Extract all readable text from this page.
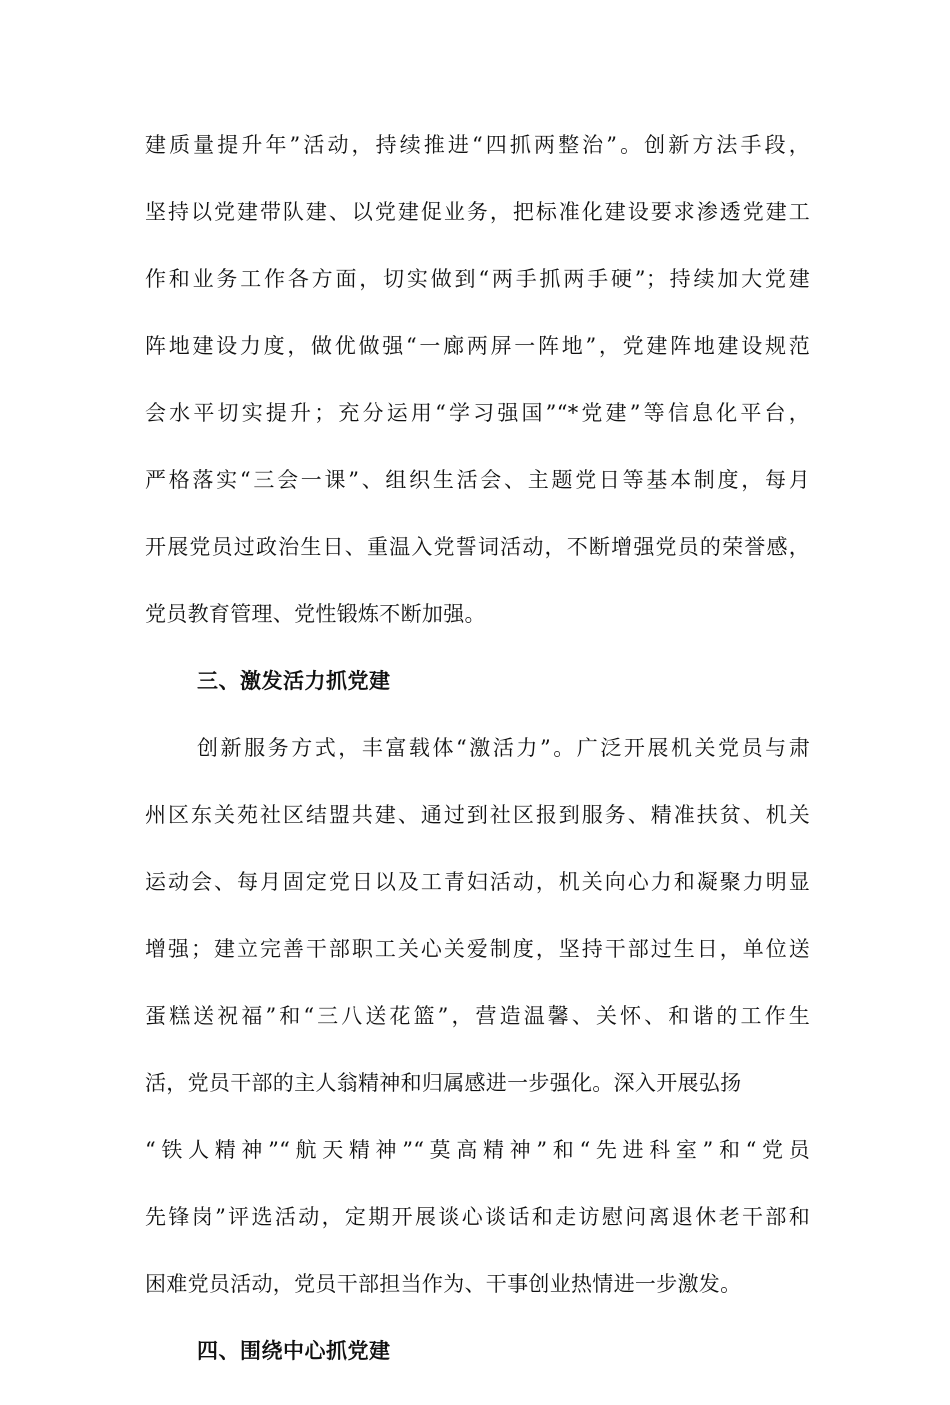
建质量提升年”活动，持续推进“四抓两整治”。创新方法手段，
坚持以党建带队建、以党建促业务，把标准化建设要求渗透党建工
作和业务工作各方面，切实做到“两手抓两手硬”；持续加大党建
阵地建设力度，做优做强“一廊两屏一阵地”，党建阵地建设规范
会水平切实提升；充分运用“学习强国”“*党建”等信息化平台，
严格落实“三会一课”、组织生活会、主题党日等基本制度，每月
开展党员过政治生日、重温入党誓词活动，不断增强党员的荣誉感，
党员教育管理、党性锻炼不断加强。
三、激发活力抓党建
创新服务方式，丰富载体“激活力”。广泛开展机关党员与肃
州区东关苑社区结盟共建、通过到社区报到服务、精准扶贫、机关
运动会、每月固定党日以及工青妇活动，机关向心力和凝聚力明显
增强；建立完善干部职工关心关爱制度，坚持干部过生日，单位送
蛋糕送祝福”和“三八送花篮”，营造温馨、关怀、和谐的工作生
活，党员干部的主人翁精神和归属感进一步强化。深入开展弘扬
“铁人精神”“航天精神”“莫高精神”和“先进科室”和“党员
先锋岗”评选活动，定期开展谈心谈话和走访慰问离退休老干部和
困难党员活动，党员干部担当作为、干事创业热情进一步激发。
四、围绕中心抓党建
